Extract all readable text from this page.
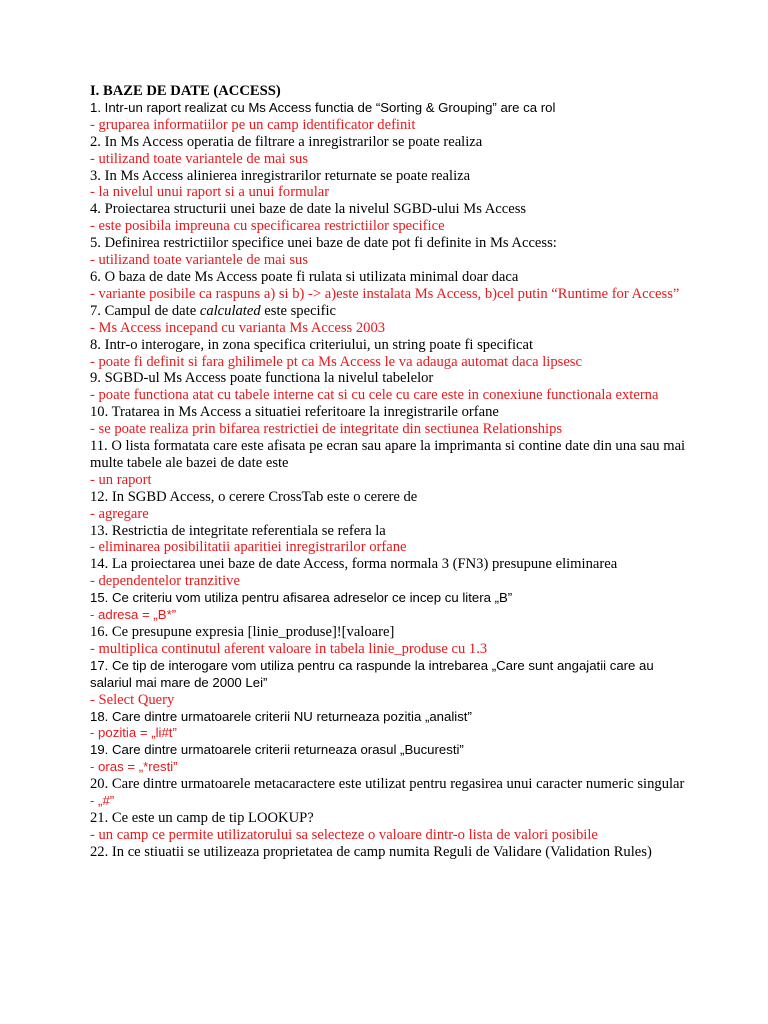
I. BAZE DE DATE (ACCESS)
1. Intr-un raport realizat cu Ms Access functia de “Sorting & Grouping” are ca rol
- gruparea informatiilor pe un camp identificator definit
2. In Ms Access operatia de filtrare a inregistrarilor se poate realiza
- utilizand toate variantele de mai sus
3. In Ms Access alinierea inregistrarilor returnate se poate realiza
- la nivelul unui raport si a unui formular
4. Proiectarea structurii unei baze de date la nivelul SGBD-ului Ms Access
- este posibila impreuna cu specificarea restrictiilor specifice
5. Definirea restrictiilor specifice unei baze de date pot fi definite in Ms Access:
- utilizand toate variantele de mai sus
6. O baza de date Ms Access poate fi rulata si utilizata minimal doar daca
- variante posibile ca raspuns a) si b) -> a)este instalata Ms Access, b)cel putin “Runtime for Access”
7. Campul de date calculated este specific
- Ms Access incepand cu varianta Ms Access 2003
8. Intr-o interogare, in zona specifica criteriului, un string poate fi specificat
- poate fi definit si fara ghilimele pt ca Ms Access le va adauga automat daca lipsesc
9. SGBD-ul Ms Access poate functiona la nivelul tabelelor
- poate functiona atat cu tabele interne cat si cu cele cu care este in conexiune functionala externa
10. Tratarea in Ms Access a situatiei referitoare la inregistrarile orfane
- se poate realiza prin bifarea restrictiei de integritate din sectiunea Relationships
11. O lista formatata care este afisata pe ecran sau apare la imprimanta si contine date din una sau mai multe tabele ale bazei de date este
- un raport
12. In SGBD Access, o cerere CrossTab este o cerere de
- agregare
13. Restrictia de integritate referentiala se refera la
- eliminarea posibilitatii aparitiei inregistrarilor orfane
14. La proiectarea unei baze de date Access, forma normala 3 (FN3) presupune eliminarea
- dependentelor tranzitive
15. Ce criteriu vom utiliza pentru afisarea adreselor ce incep cu litera „B”
- adresa = „B*”
16. Ce presupune expresia [linie_produse]![valoare]
- multiplica continutul aferent valoare in tabela linie_produse cu 1.3
17. Ce tip de interogare vom utiliza pentru ca raspunde la intrebarea „Care sunt angajatii care au salariul mai mare de 2000 Lei”
- Select Query
18. Care dintre urmatoarele criterii NU returneaza pozitia „analist”
- pozitia = „li#t”
19. Care dintre urmatoarele criterii returneaza orasul „Bucuresti”
- oras = „*resti”
20. Care dintre urmatoarele metacaractere este utilizat pentru regasirea unui caracter numeric singular
- „#”
21. Ce este un camp de tip LOOKUP?
- un camp ce permite utilizatorului sa selecteze o valoare dintr-o lista de valori posibile
22. In ce stiuatii se utilizeaza proprietatea de camp numita Reguli de Validare (Validation Rules)
